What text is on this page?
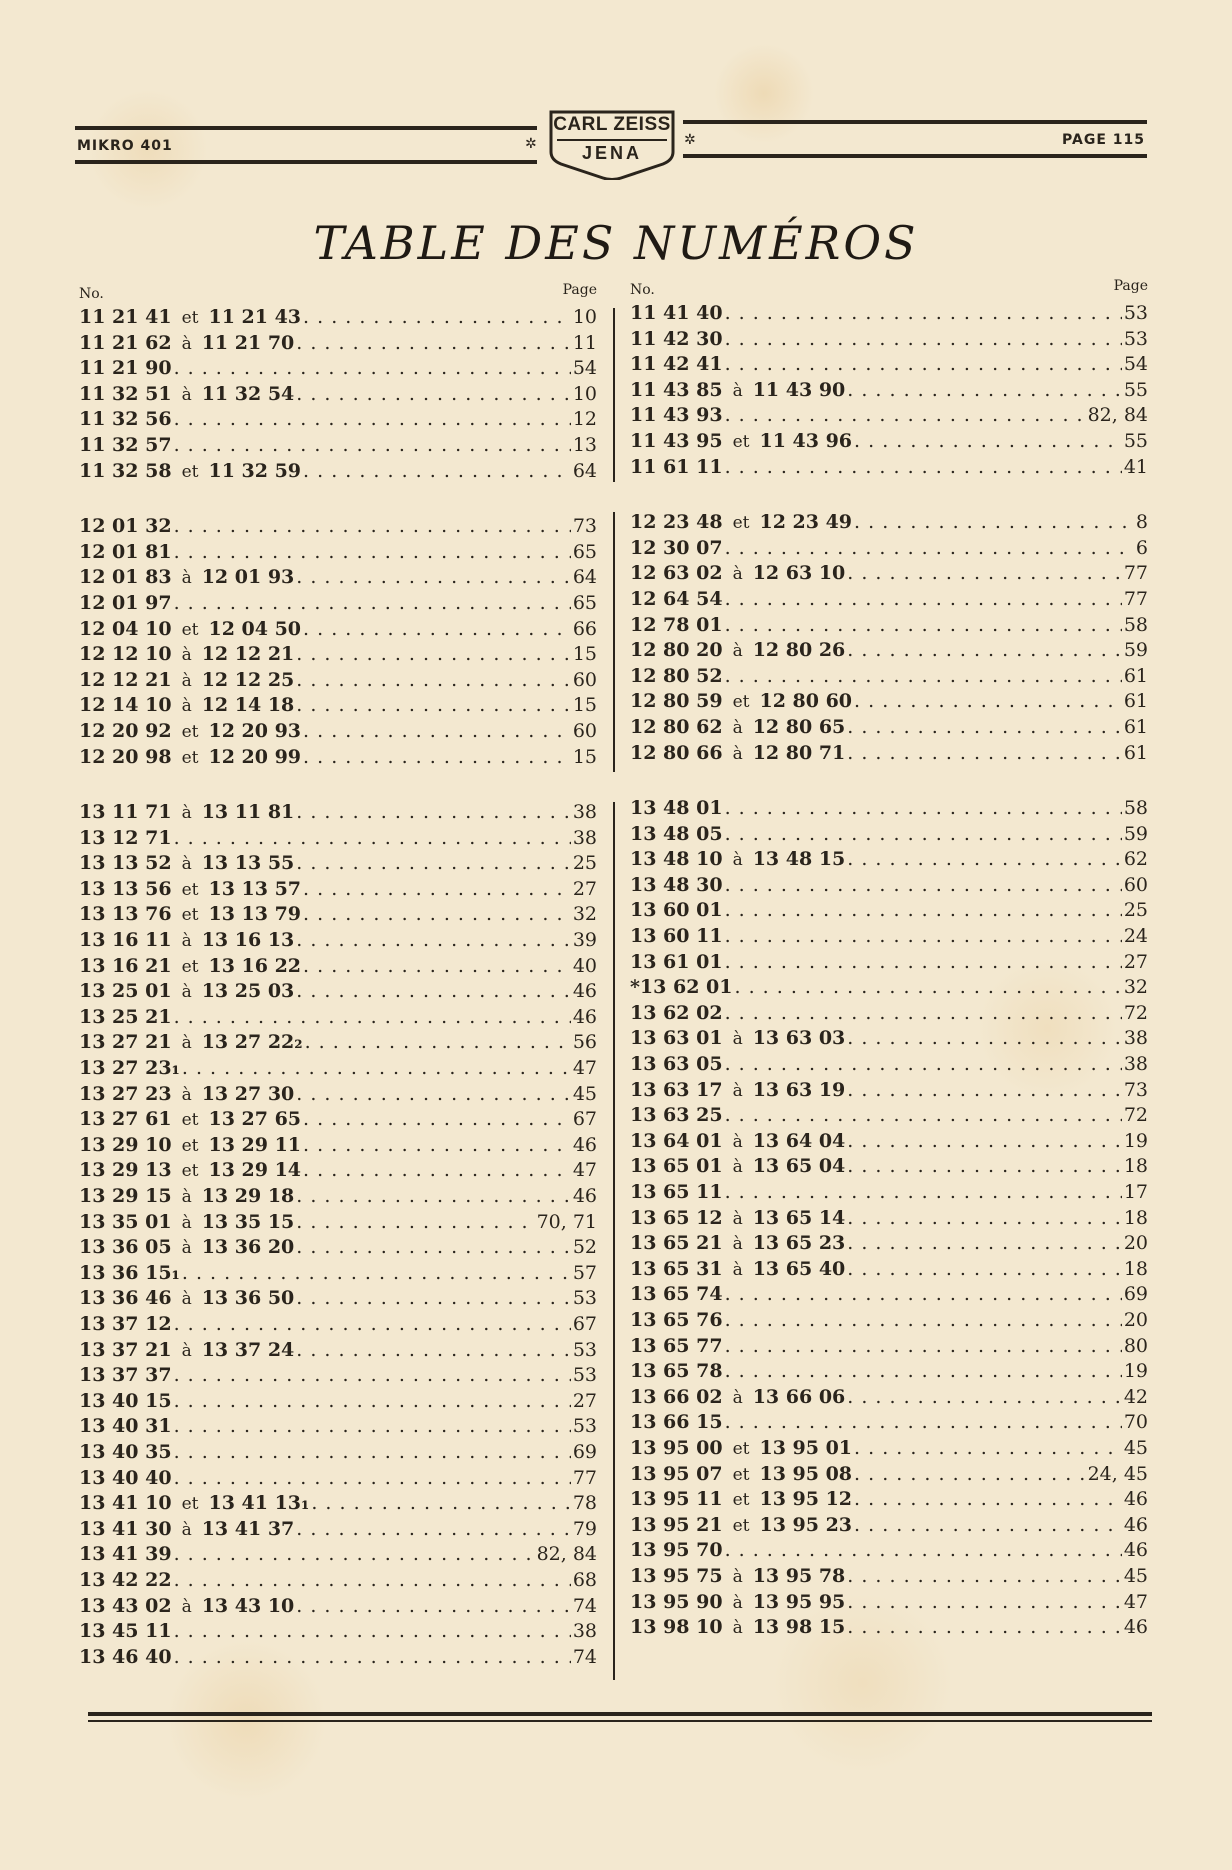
MIKRO 401	PAGE 115
✲	✲
CARL ZEISS
JENA
TABLE DES NUMÉROS
No.	Page
11 21 41 et 11 21 43 . . .	10
11 21 62 à 11 21 70 . . .	11
11 21 90 . . .	54
11 32 51 à 11 32 54 . . .	10
11 32 56 . . .	12
11 32 57 . . .	13
11 32 58 et 11 32 59 . . .	64
12 01 32 . . .	73
12 01 81 . . .	65
12 01 83 à 12 01 93 . . .	64
12 01 97 . . .	65
12 04 10 et 12 04 50 . . .	66
12 12 10 à 12 12 21 . . .	15
12 12 21 à 12 12 25 . . .	60
12 14 10 à 12 14 18 . . .	15
12 20 92 et 12 20 93 . . .	60
12 20 98 et 12 20 99 . . .	15
13 11 71 à 13 11 81 . . .	38
13 12 71 . . .	38
13 13 52 à 13 13 55 . . .	25
13 13 56 et 13 13 57 . . .	27
13 13 76 et 13 13 79 . . .	32
13 16 11 à 13 16 13 . . .	39
13 16 21 et 13 16 22 . . .	40
13 25 01 à 13 25 03 . . .	46
13 25 21 . . .	46
13 27 21 à 13 27 22₂ . . .	56
13 27 23₁ . . .	47
13 27 23 à 13 27 30 . . .	45
13 27 61 et 13 27 65 . . .	67
13 29 10 et 13 29 11 . . .	46
13 29 13 et 13 29 14 . . .	47
13 29 15 à 13 29 18 . . .	46
13 35 01 à 13 35 15 . . .	70, 71
13 36 05 à 13 36 20 . . .	52
13 36 15₁ . . .	57
13 36 46 à 13 36 50 . . .	53
13 37 12 . . .	67
13 37 21 à 13 37 24 . . .	53
13 37 37 . . .	53
13 40 15 . . .	27
13 40 31 . . .	53
13 40 35 . . .	69
13 40 40 . . .	77
13 41 10 et 13 41 13₁ . . .	78
13 41 30 à 13 41 37 . . .	79
13 41 39 . . .	82, 84
13 42 22 . . .	68
13 43 02 à 13 43 10 . . .	74
13 45 11 . . .	38
13 46 40 . . .	74
No.	Page
11 41 40 . . .	53
11 42 30 . . .	53
11 42 41 . . .	54
11 43 85 à 11 43 90 . . .	55
11 43 93 . . .	82, 84
11 43 95 et 11 43 96 . . .	55
11 61 11 . . .	41
12 23 48 et 12 23 49 . . .	8
12 30 07 . . .	6
12 63 02 à 12 63 10 . . .	77
12 64 54 . . .	77
12 78 01 . . .	58
12 80 20 à 12 80 26 . . .	59
12 80 52 . . .	61
12 80 59 et 12 80 60 . . .	61
12 80 62 à 12 80 65 . . .	61
12 80 66 à 12 80 71 . . .	61
13 48 01 . . .	58
13 48 05 . . .	59
13 48 10 à 13 48 15 . . .	62
13 48 30 . . .	60
13 60 01 . . .	25
13 60 11 . . .	24
13 61 01 . . .	27
*13 62 01 . . .	32
13 62 02 . . .	72
13 63 01 à 13 63 03 . . .	38
13 63 05 . . .	38
13 63 17 à 13 63 19 . . .	73
13 63 25 . . .	72
13 64 01 à 13 64 04 . . .	19
13 65 01 à 13 65 04 . . .	18
13 65 11 . . .	17
13 65 12 à 13 65 14 . . .	18
13 65 21 à 13 65 23 . . .	20
13 65 31 à 13 65 40 . . .	18
13 65 74 . . .	69
13 65 76 . . .	20
13 65 77 . . .	80
13 65 78 . . .	19
13 66 02 à 13 66 06 . . .	42
13 66 15 . . .	70
13 95 00 et 13 95 01 . . .	45
13 95 07 et 13 95 08 . . .	24, 45
13 95 11 et 13 95 12 . . .	46
13 95 21 et 13 95 23 . . .	46
13 95 70 . . .	46
13 95 75 à 13 95 78 . . .	45
13 95 90 à 13 95 95 . . .	47
13 98 10 à 13 98 15 . . .	46
